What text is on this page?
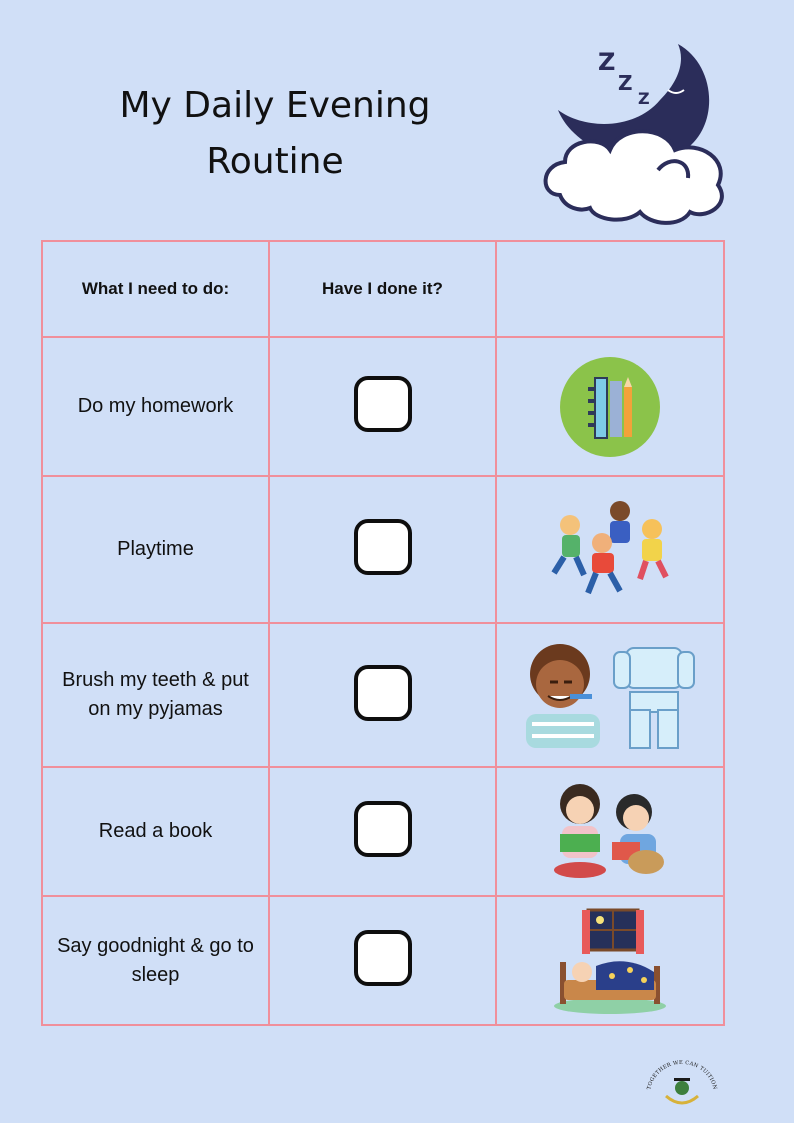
My Daily Evening
Routine
Z
Z
Z
What I need to do:	Have I done it?	
Do my homework		

Playtime		

Brush my teeth & put on my pyjamas		

Read a book		

Say goodnight & go to sleep		
TOGETHER WE CAN TUITION
